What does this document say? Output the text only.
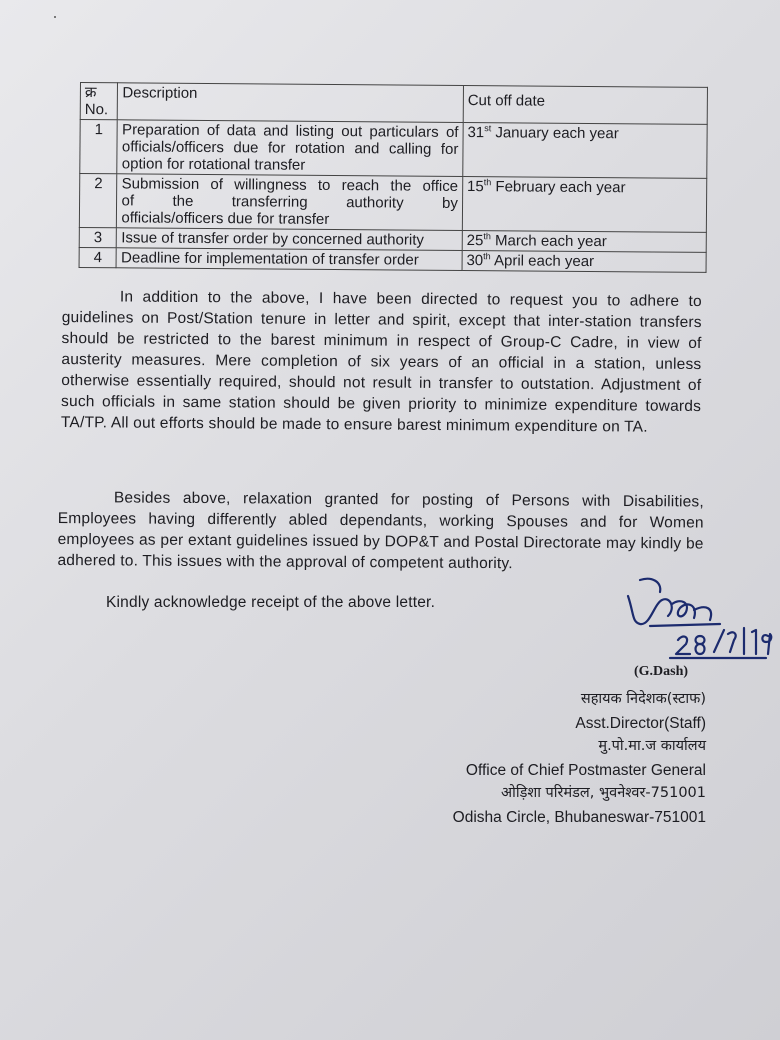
क्र
No.	Description	Cut off date
1	Preparation of data and listing out particulars of officials/officers due for rotation and calling for option for rotational transfer	31st January each year
2	Submission of willingness to reach the office
of the transferring authority by
officials/officers due for transfer	15th February each year
3	Issue of transfer order by concerned authority	25th March each year
4	Deadline for implementation of transfer order	30th April each year
In addition to the above, I have been directed to request you to adhere to guidelines on Post/Station tenure in letter and spirit, except that inter-station transfers should be restricted to the barest minimum in respect of Group-C Cadre, in view of austerity measures. Mere completion of six years of an official in a station, unless otherwise essentially required, should not result in transfer to outstation. Adjustment of such officials in same station should be given priority to minimize expenditure towards TA/TP. All out efforts should be made to ensure barest minimum expenditure on TA.
Besides above, relaxation granted for posting of Persons with Disabilities, Employees having differently abled dependants, working Spouses and for Women employees as per extant guidelines issued by DOP&T and Postal Directorate may kindly be adhered to. This issues with the approval of competent authority.
Kindly acknowledge receipt of the above letter.
(G.Dash)
सहायक निदेशक(स्टाफ)
Asst.Director(Staff)
मु.पो.मा.ज कार्यालय
Office of Chief Postmaster General
ओड़िशा परिमंडल, भुवनेश्वर-751001
Odisha Circle, Bhubaneswar-751001
